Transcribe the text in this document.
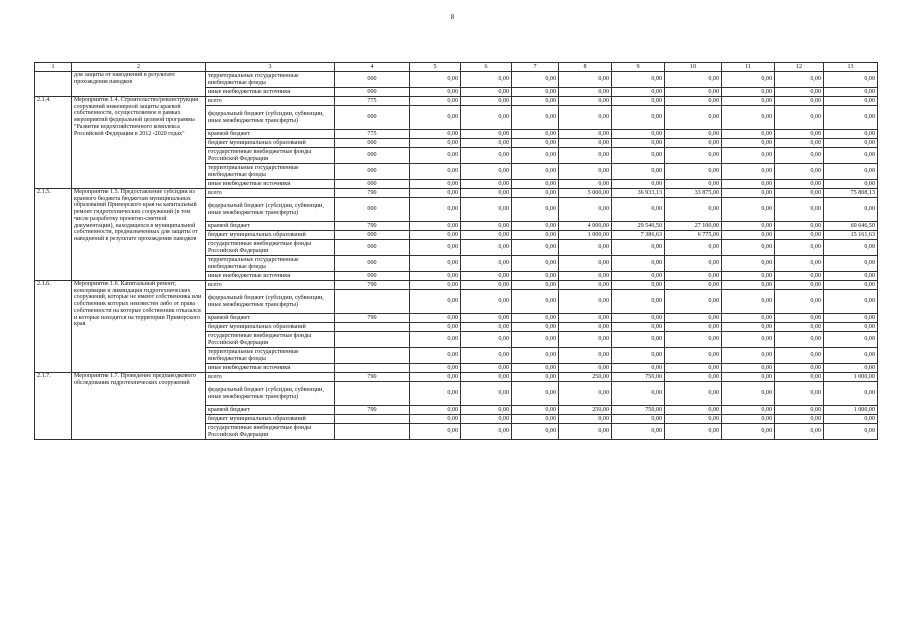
8
1	2	3	4	5	6	7	8	9	10	11	12	13
	для защиты от наводнений в результате прохождения паводков	территориальные государственные внебюджетные фонды	000	0,00	0,00	0,00	0,00	0,00	0,00	0,00	0,00	0,00
		иные внебюджетные источники	000	0,00	0,00	0,00	0,00	0,00	0,00	0,00	0,00	0,00
2.1.4.	Мероприятие 1.4. Строительство/реконструкция сооружений инженерной защиты краевой собственности, осуществляемое в рамках мероприятий федеральной целевой программы "Развитие водохозяйственного комплекса Российской Федерации в 2012 -2020 годах"	всего	775	0,00	0,00	0,00	0,00	0,00	0,00	0,00	0,00	0,00
		федеральный бюджет (субсидии, субвенции, иные межбюджетные трансферты)	000	0,00	0,00	0,00	0,00	0,00	0,00	0,00	0,00	0,00
		краевой бюджет	775	0,00	0,00	0,00	0,00	0,00	0,00	0,00	0,00	0,00
		бюджет муниципальных образований	000	0,00	0,00	0,00	0,00	0,00	0,00	0,00	0,00	0,00
		государственные внебюджетные фонды Российской Федерации	000	0,00	0,00	0,00	0,00	0,00	0,00	0,00	0,00	0,00
		территориальные государственные внебюджетные фонды	000	0,00	0,00	0,00	0,00	0,00	0,00	0,00	0,00	0,00
		иные внебюджетные источники	000	0,00	0,00	0,00	0,00	0,00	0,00	0,00	0,00	0,00
2.1.5.	Мероприятие 1.5. Предоставление субсидии из краевого бюджета бюджетам муниципальных образований Приморского края на капитальный ремонт гидротехнических сооружений (в том числе разработку проектно-сметной документации), находящихся в муниципальной собственности, предназначенных для защиты от наводнений в результате прохождения паводков	всего	790	0,00	0,00	0,00	5 000,00	36 933,13	33 875,00	0,00	0,00	75 808,13
		федеральный бюджет (субсидии, субвенции, иные межбюджетные трансферты)	000	0,00	0,00	0,00	0,00	0,00	0,00	0,00	0,00	0,00
		краевой бюджет	790	0,00	0,00	0,00	4 000,00	29 546,50	27 100,00	0,00	0,00	60 646,50
		бюджет муниципальных образований	000	0,00	0,00	0,00	1 000,00	7 386,63	6 775,00	0,00	0,00	15 161,63
		государственные внебюджетные фонды Российской Федерации	000	0,00	0,00	0,00	0,00	0,00	0,00	0,00	0,00	0,00
		территориальные государственные внебюджетные фонды	000	0,00	0,00	0,00	0,00	0,00	0,00	0,00	0,00	0,00
		иные внебюджетные источники	000	0,00	0,00	0,00	0,00	0,00	0,00	0,00	0,00	0,00
2.1.6.	Мероприятие 1.6. Капитальный ремонт, консервация и ликвидация гидротехнических сооружений, которые не имеют собственника или собственник которых неизвестен либо от права собственности на которые собственник отказался и которые находятся на территории Приморского края	всего	790	0,00	0,00	0,00	0,00	0,00	0,00	0,00	0,00	0,00
		федеральный бюджет (субсидии, субвенции, иные межбюджетные трансферты)		0,00	0,00	0,00	0,00	0,00	0,00	0,00	0,00	0,00
		краевой бюджет	790	0,00	0,00	0,00	0,00	0,00	0,00	0,00	0,00	0,00
		бюджет муниципальных образований		0,00	0,00	0,00	0,00	0,00	0,00	0,00	0,00	0,00
		государственные внебюджетные фонды Российской Федерации		0,00	0,00	0,00	0,00	0,00	0,00	0,00	0,00	0,00
		территориальные государственные внебюджетные фонды		0,00	0,00	0,00	0,00	0,00	0,00	0,00	0,00	0,00
		иные внебюджетные источники		0,00	0,00	0,00	0,00	0,00	0,00	0,00	0,00	0,00
2.1.7.	Мероприятие 1.7. Проведение предпаводкового обследования гидротехнических сооружений	всего	790	0,00	0,00	0,00	250,00	750,00	0,00	0,00	0,00	1 000,00
		федеральный бюджет (субсидии, субвенции, иные межбюджетные трансферты)		0,00	0,00	0,00	0,00	0,00	0,00	0,00	0,00	0,00
		краевой бюджет	790	0,00	0,00	0,00	250,00	750,00	0,00	0,00	0,00	1 000,00
		бюджет муниципальных образований		0,00	0,00	0,00	0,00	0,00	0,00	0,00	0,00	0,00
		государственные внебюджетные фонды Российской Федерации		0,00	0,00	0,00	0,00	0,00	0,00	0,00	0,00	0,00
